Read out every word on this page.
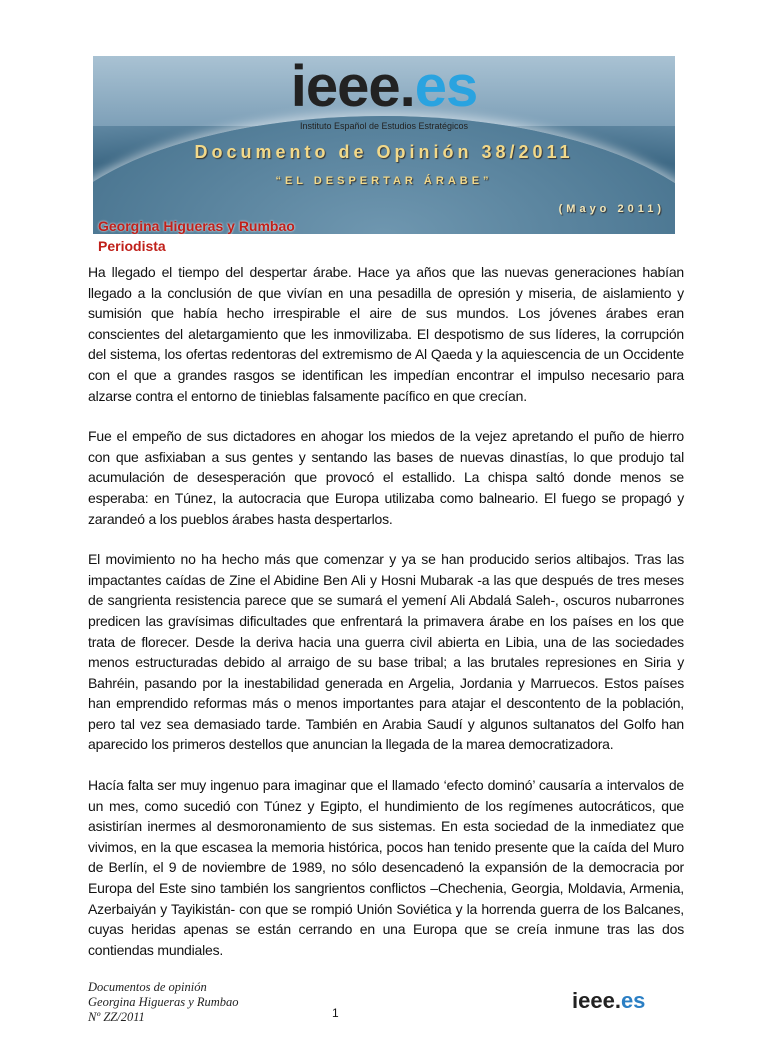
ieee.es
Instituto Español de Estudios Estratégicos
Documento de Opinión 38/2011
“EL DESPERTAR ÁRABE”
(Mayo 2011)
Georgina Higueras y Rumbao
Periodista

Ha llegado el tiempo del despertar árabe. Hace ya años que las nuevas generaciones habían llegado a la conclusión de que vivían en una pesadilla de opresión y miseria, de aislamiento y sumisión que había hecho irrespirable el aire de sus mundos. Los jóvenes árabes eran conscientes del aletargamiento que les inmovilizaba. El despotismo de sus líderes, la corrupción del sistema, los ofertas redentoras del extremismo de Al Qaeda y la aquiescencia de un Occidente con el que a grandes rasgos se identifican les impedían encontrar el impulso necesario para alzarse contra el entorno de tinieblas falsamente pacífico en que crecían.

Fue el empeño de sus dictadores en ahogar los miedos de la vejez apretando el puño de hierro con que asfixiaban a sus gentes y sentando las bases de nuevas dinastías, lo que produjo tal acumulación de desesperación que provocó el estallido. La chispa saltó donde menos se esperaba: en Túnez, la autocracia que Europa utilizaba como balneario. El fuego se propagó y zarandeó a los pueblos árabes hasta despertarlos.

El movimiento no ha hecho más que comenzar y ya se han producido serios altibajos. Tras las impactantes caídas de Zine el Abidine Ben Ali y Hosni Mubarak -a las que después de tres meses de sangrienta resistencia parece que se sumará el yemení Ali Abdalá Saleh-, oscuros nubarrones predicen las gravísimas dificultades que enfrentará la primavera árabe en los países en los que trata de florecer. Desde la deriva hacia una guerra civil abierta en Libia, una de las sociedades menos estructuradas debido al arraigo de su base tribal; a las brutales represiones en Siria y Bahréin, pasando por la inestabilidad generada en Argelia, Jordania y Marruecos. Estos países han emprendido reformas más o menos importantes para atajar el descontento de la población, pero tal vez sea demasiado tarde. También en Arabia Saudí y algunos sultanatos del Golfo han aparecido los primeros destellos que anuncian la llegada de la marea democratizadora.

Hacía falta ser muy ingenuo para imaginar que el llamado ‘efecto dominó’ causaría a intervalos de un mes, como sucedió con Túnez y Egipto, el hundimiento de los regímenes autocráticos, que asistirían inermes al desmoronamiento de sus sistemas. En esta sociedad de la inmediatez que vivimos, en la que escasea la memoria histórica, pocos han tenido presente que la caída del Muro de Berlín, el 9 de noviembre de 1989, no sólo desencadenó la expansión de la democracia por Europa del Este sino también los sangrientos conflictos –Chechenia, Georgia, Moldavia, Armenia, Azerbaiyán y Tayikistán- con que se rompió Unión Soviética y la horrenda guerra de los Balcanes, cuyas heridas apenas se están cerrando en una Europa que se creía inmune tras las dos contiendas mundiales.

Documentos de opinión
Georgina Higueras y Rumbao
Nº ZZ/2011	1	ieee.es
